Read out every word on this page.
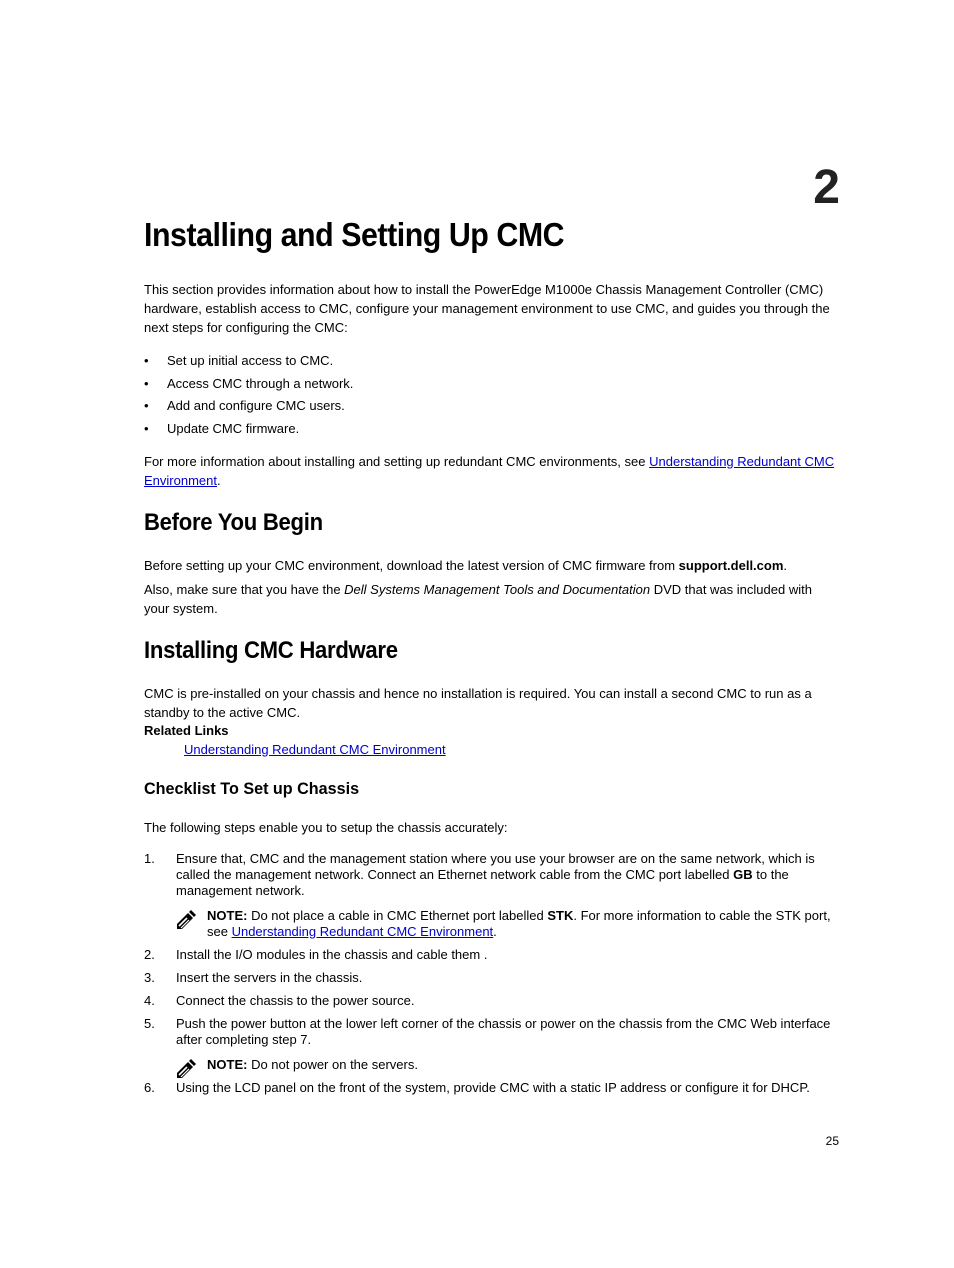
2
Installing and Setting Up CMC

This section provides information about how to install the PowerEdge M1000e Chassis Management Controller (CMC) hardware, establish access to CMC, configure your management environment to use CMC, and guides you through the next steps for configuring the CMC:

• Set up initial access to CMC.
• Access CMC through a network.
• Add and configure CMC users.
• Update CMC firmware.

For more information about installing and setting up redundant CMC environments, see Understanding Redundant CMC Environment.

Before You Begin

Before setting up your CMC environment, download the latest version of CMC firmware from support.dell.com.

Also, make sure that you have the Dell Systems Management Tools and Documentation DVD that was included with your system.

Installing CMC Hardware

CMC is pre-installed on your chassis and hence no installation is required. You can install a second CMC to run as a standby to the active CMC.

Related Links

Understanding Redundant CMC Environment

Checklist To Set up Chassis

The following steps enable you to setup the chassis accurately:

1. Ensure that, CMC and the management station where you use your browser are on the same network, which is called the management network. Connect an Ethernet network cable from the CMC port labelled GB to the management network.
NOTE: Do not place a cable in CMC Ethernet port labelled STK. For more information to cable the STK port, see Understanding Redundant CMC Environment.
2. Install the I/O modules in the chassis and cable them .
3. Insert the servers in the chassis.
4. Connect the chassis to the power source.
5. Push the power button at the lower left corner of the chassis or power on the chassis from the CMC Web interface after completing step 7.
NOTE: Do not power on the servers.
6. Using the LCD panel on the front of the system, provide CMC with a static IP address or configure it for DHCP.
25
